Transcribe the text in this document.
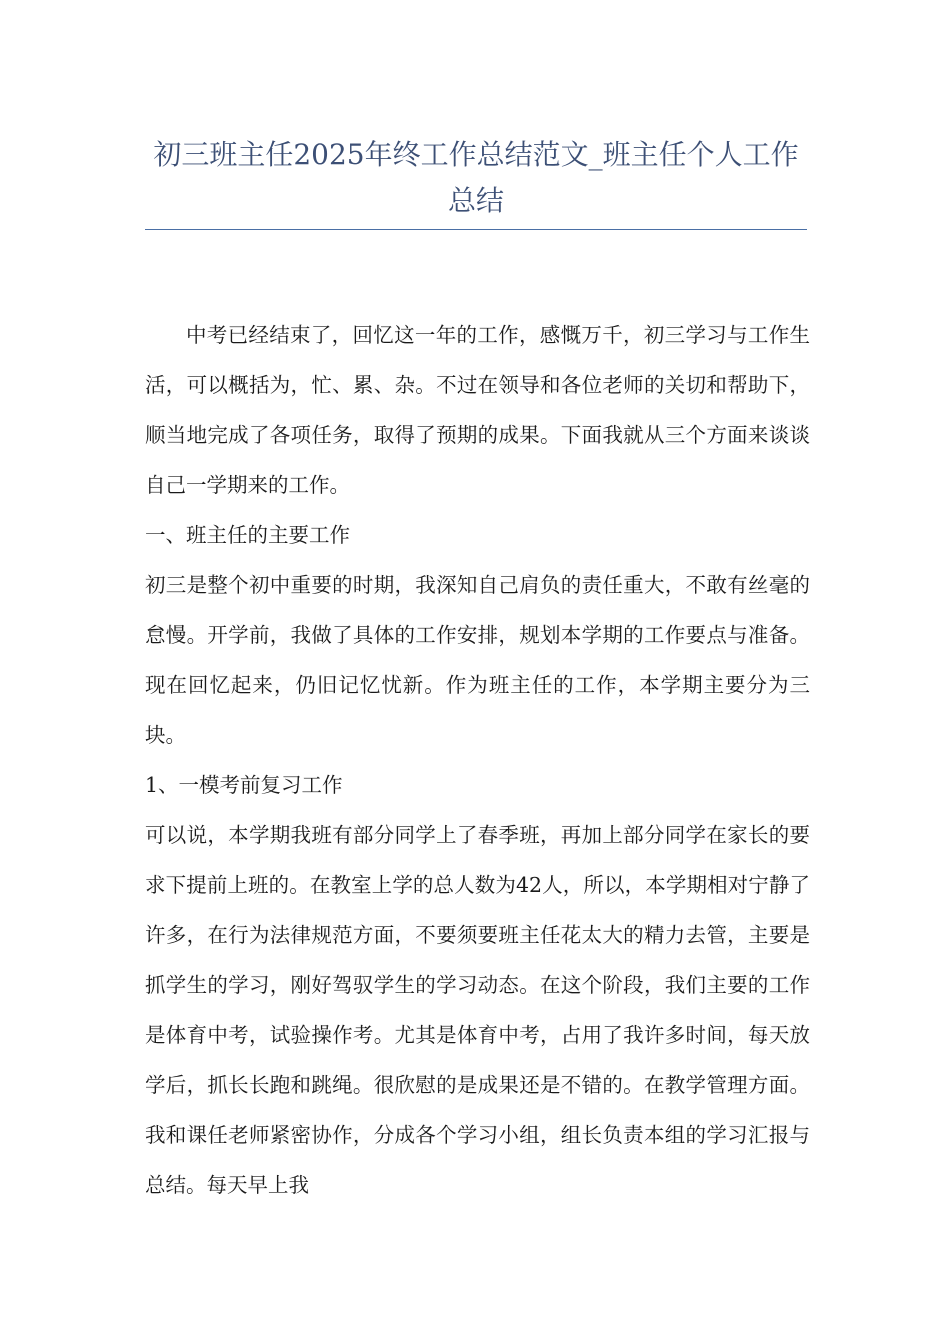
初三班主任2025年终工作总结范文_班主任个人工作总结

中考已经结束了，回忆这一年的工作，感慨万千，初三学习与工作生活，可以概括为，忙、累、杂。不过在领导和各位老师的关切和帮助下，顺当地完成了各项任务，取得了预期的成果。下面我就从三个方面来谈谈自己一学期来的工作。

一、班主任的主要工作

初三是整个初中重要的时期，我深知自己肩负的责任重大，不敢有丝毫的怠慢。开学前，我做了具体的工作安排，规划本学期的工作要点与准备。现在回忆起来，仍旧记忆忧新。作为班主任的工作，本学期主要分为三块。

1、一模考前复习工作

可以说，本学期我班有部分同学上了春季班，再加上部分同学在家长的要求下提前上班的。在教室上学的总人数为42人，所以，本学期相对宁静了许多，在行为法律规范方面，不要须要班主任花太大的精力去管，主要是抓学生的学习，刚好驾驭学生的学习动态。在这个阶段，我们主要的工作是体育中考，试验操作考。尤其是体育中考，占用了我许多时间，每天放学后，抓长长跑和跳绳。很欣慰的是成果还是不错的。在教学管理方面。我和课任老师紧密协作，分成各个学习小组，组长负责本组的学习汇报与总结。每天早上我
